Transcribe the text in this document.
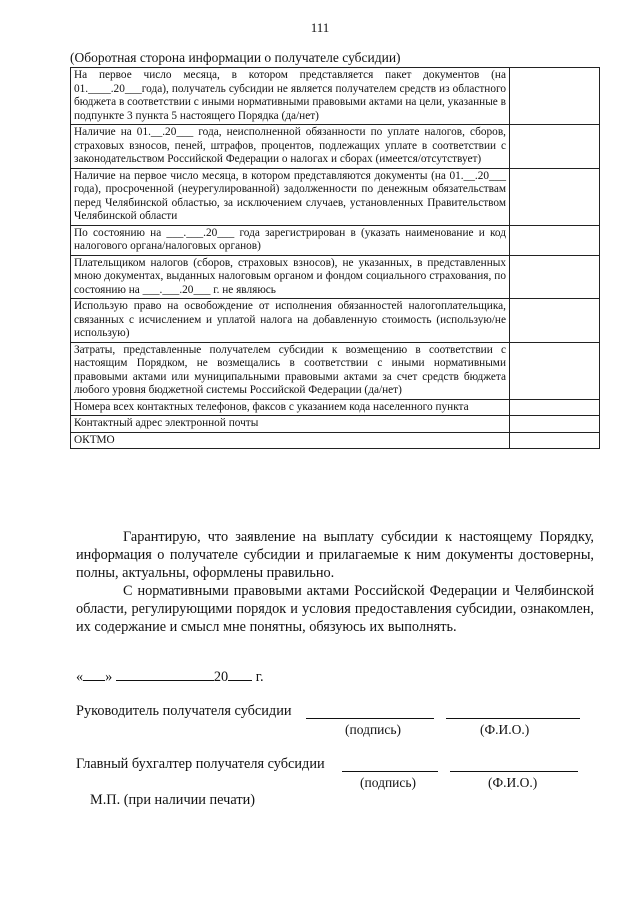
111
(Оборотная сторона информации о получателе субсидии)
На первое число месяца, в котором представляется пакет документов (на 01.____.20___года), получатель субсидии не является получателем средств из областного бюджета в соответствии с иными нормативными правовыми актами на цели, указанные в подпункте 3 пункта 5 настоящего Порядка (да/нет)	
Наличие на 01.__.20___ года, неисполненной обязанности по уплате налогов, сборов, страховых взносов, пеней, штрафов, процентов, подлежащих уплате в соответствии с законодательством Российской Федерации о налогах и сборах (имеется/отсутствует)	
Наличие на первое число месяца, в котором представляются документы (на 01.__.20___ года), просроченной (неурегулированной) задолженности по денежным обязательствам перед Челябинской областью, за исключением случаев, установленных Правительством Челябинской области	
По состоянию на ___.___.20___ года зарегистрирован в (указать наименование и код налогового органа/налоговых органов)	
Плательщиком налогов (сборов, страховых взносов), не указанных, в представленных мною документах, выданных налоговым органом и фондом социального страхования, по состоянию на ___.___.20___ г. не являюсь	
Использую право на освобождение от исполнения обязанностей налогоплательщика, связанных с исчислением и уплатой налога на добавленную стоимость (использую/не использую)	
Затраты, представленные получателем субсидии к возмещению в соответствии с настоящим Порядком, не возмещались в соответствии с иными нормативными правовыми актами или муниципальными правовыми актами за счет средств бюджета любого уровня бюджетной системы Российской Федерации (да/нет)	
Номера всех контактных телефонов, факсов с указанием кода населенного пункта	
Контактный адрес электронной почты	
ОКТМО	
Гарантирую, что заявление на выплату субсидии к настоящему Порядку, информация о получателе субсидии и прилагаемые к ним документы достоверны, полны, актуальны, оформлены правильно.
С нормативными правовыми актами Российской Федерации и Челябинской области, регулирующими порядок и условия предоставления субсидии, ознакомлен, их содержание и смысл мне понятны, обязуюсь их выполнять.
« »	20 г.
Руководитель получателя субсидии
(подпись)	(Ф.И.О.)
Главный бухгалтер получателя субсидии
(подпись)	(Ф.И.О.)
М.П. (при наличии печати)
